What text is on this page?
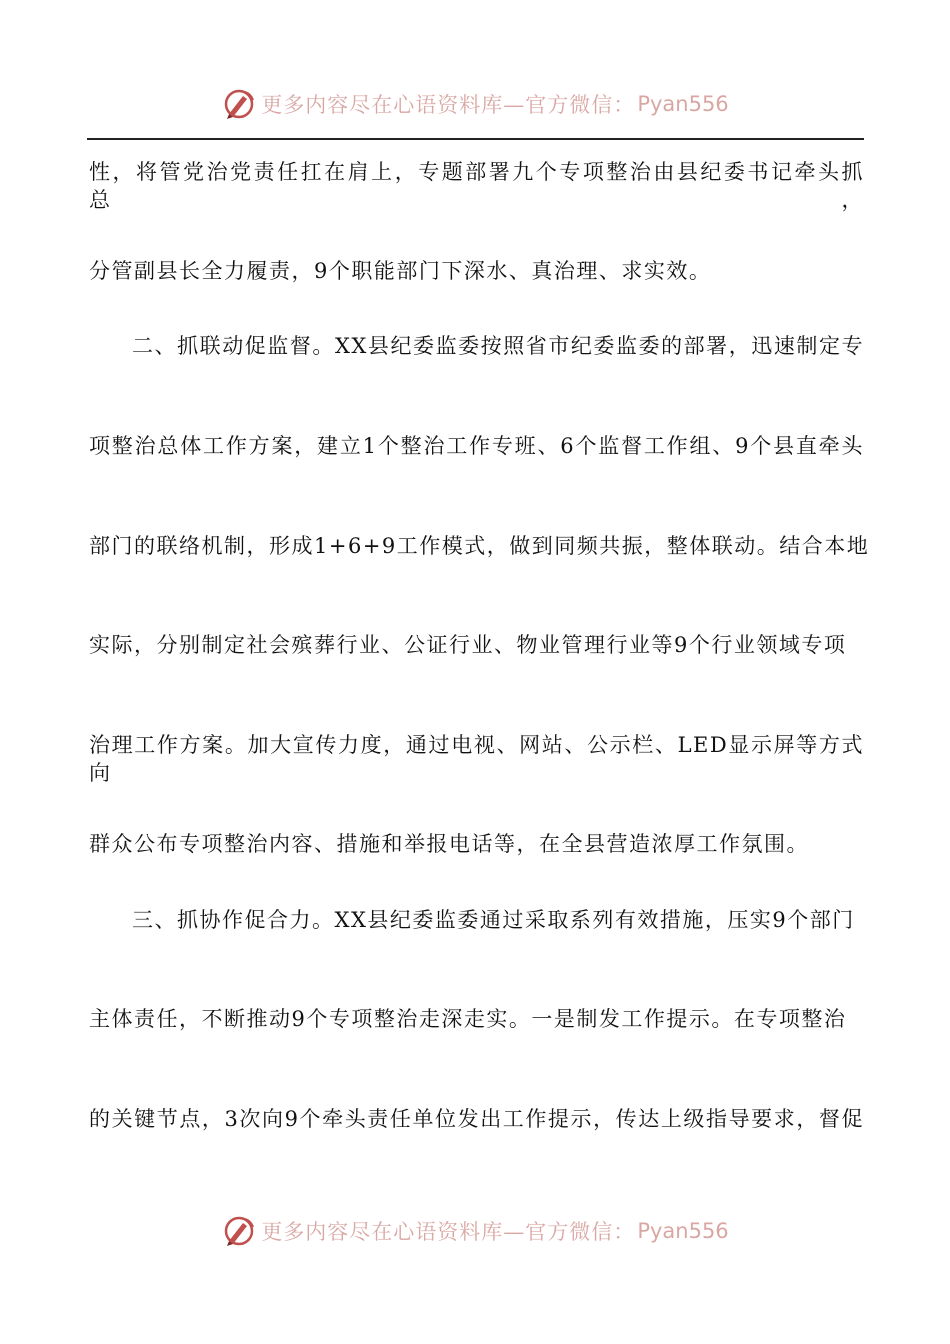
更多内容尽在心语资料库—官方微信： Pyan556
性，将管党治党责任扛在肩上，专题部署九个专项整治由县纪委书记牵头抓总，
分管副县长全力履责，9个职能部门下深水、真治理、求实效。
二、抓联动促监督。XX县纪委监委按照省市纪委监委的部署，迅速制定专
项整治总体工作方案，建立1个整治工作专班、6个监督工作组、9个县直牵头
部门的联络机制，形成1+6+9工作模式，做到同频共振，整体联动。结合本地
实际，分别制定社会殡葬行业、公证行业、物业管理行业等9个行业领域专项
治理工作方案。加大宣传力度，通过电视、网站、公示栏、LED显示屏等方式向
群众公布专项整治内容、措施和举报电话等，在全县营造浓厚工作氛围。
三、抓协作促合力。XX县纪委监委通过采取系列有效措施，压实9个部门
主体责任，不断推动9个专项整治走深走实。一是制发工作提示。在专项整治
的关键节点，3次向9个牵头责任单位发出工作提示，传达上级指导要求，督促
更多内容尽在心语资料库—官方微信： Pyan556
